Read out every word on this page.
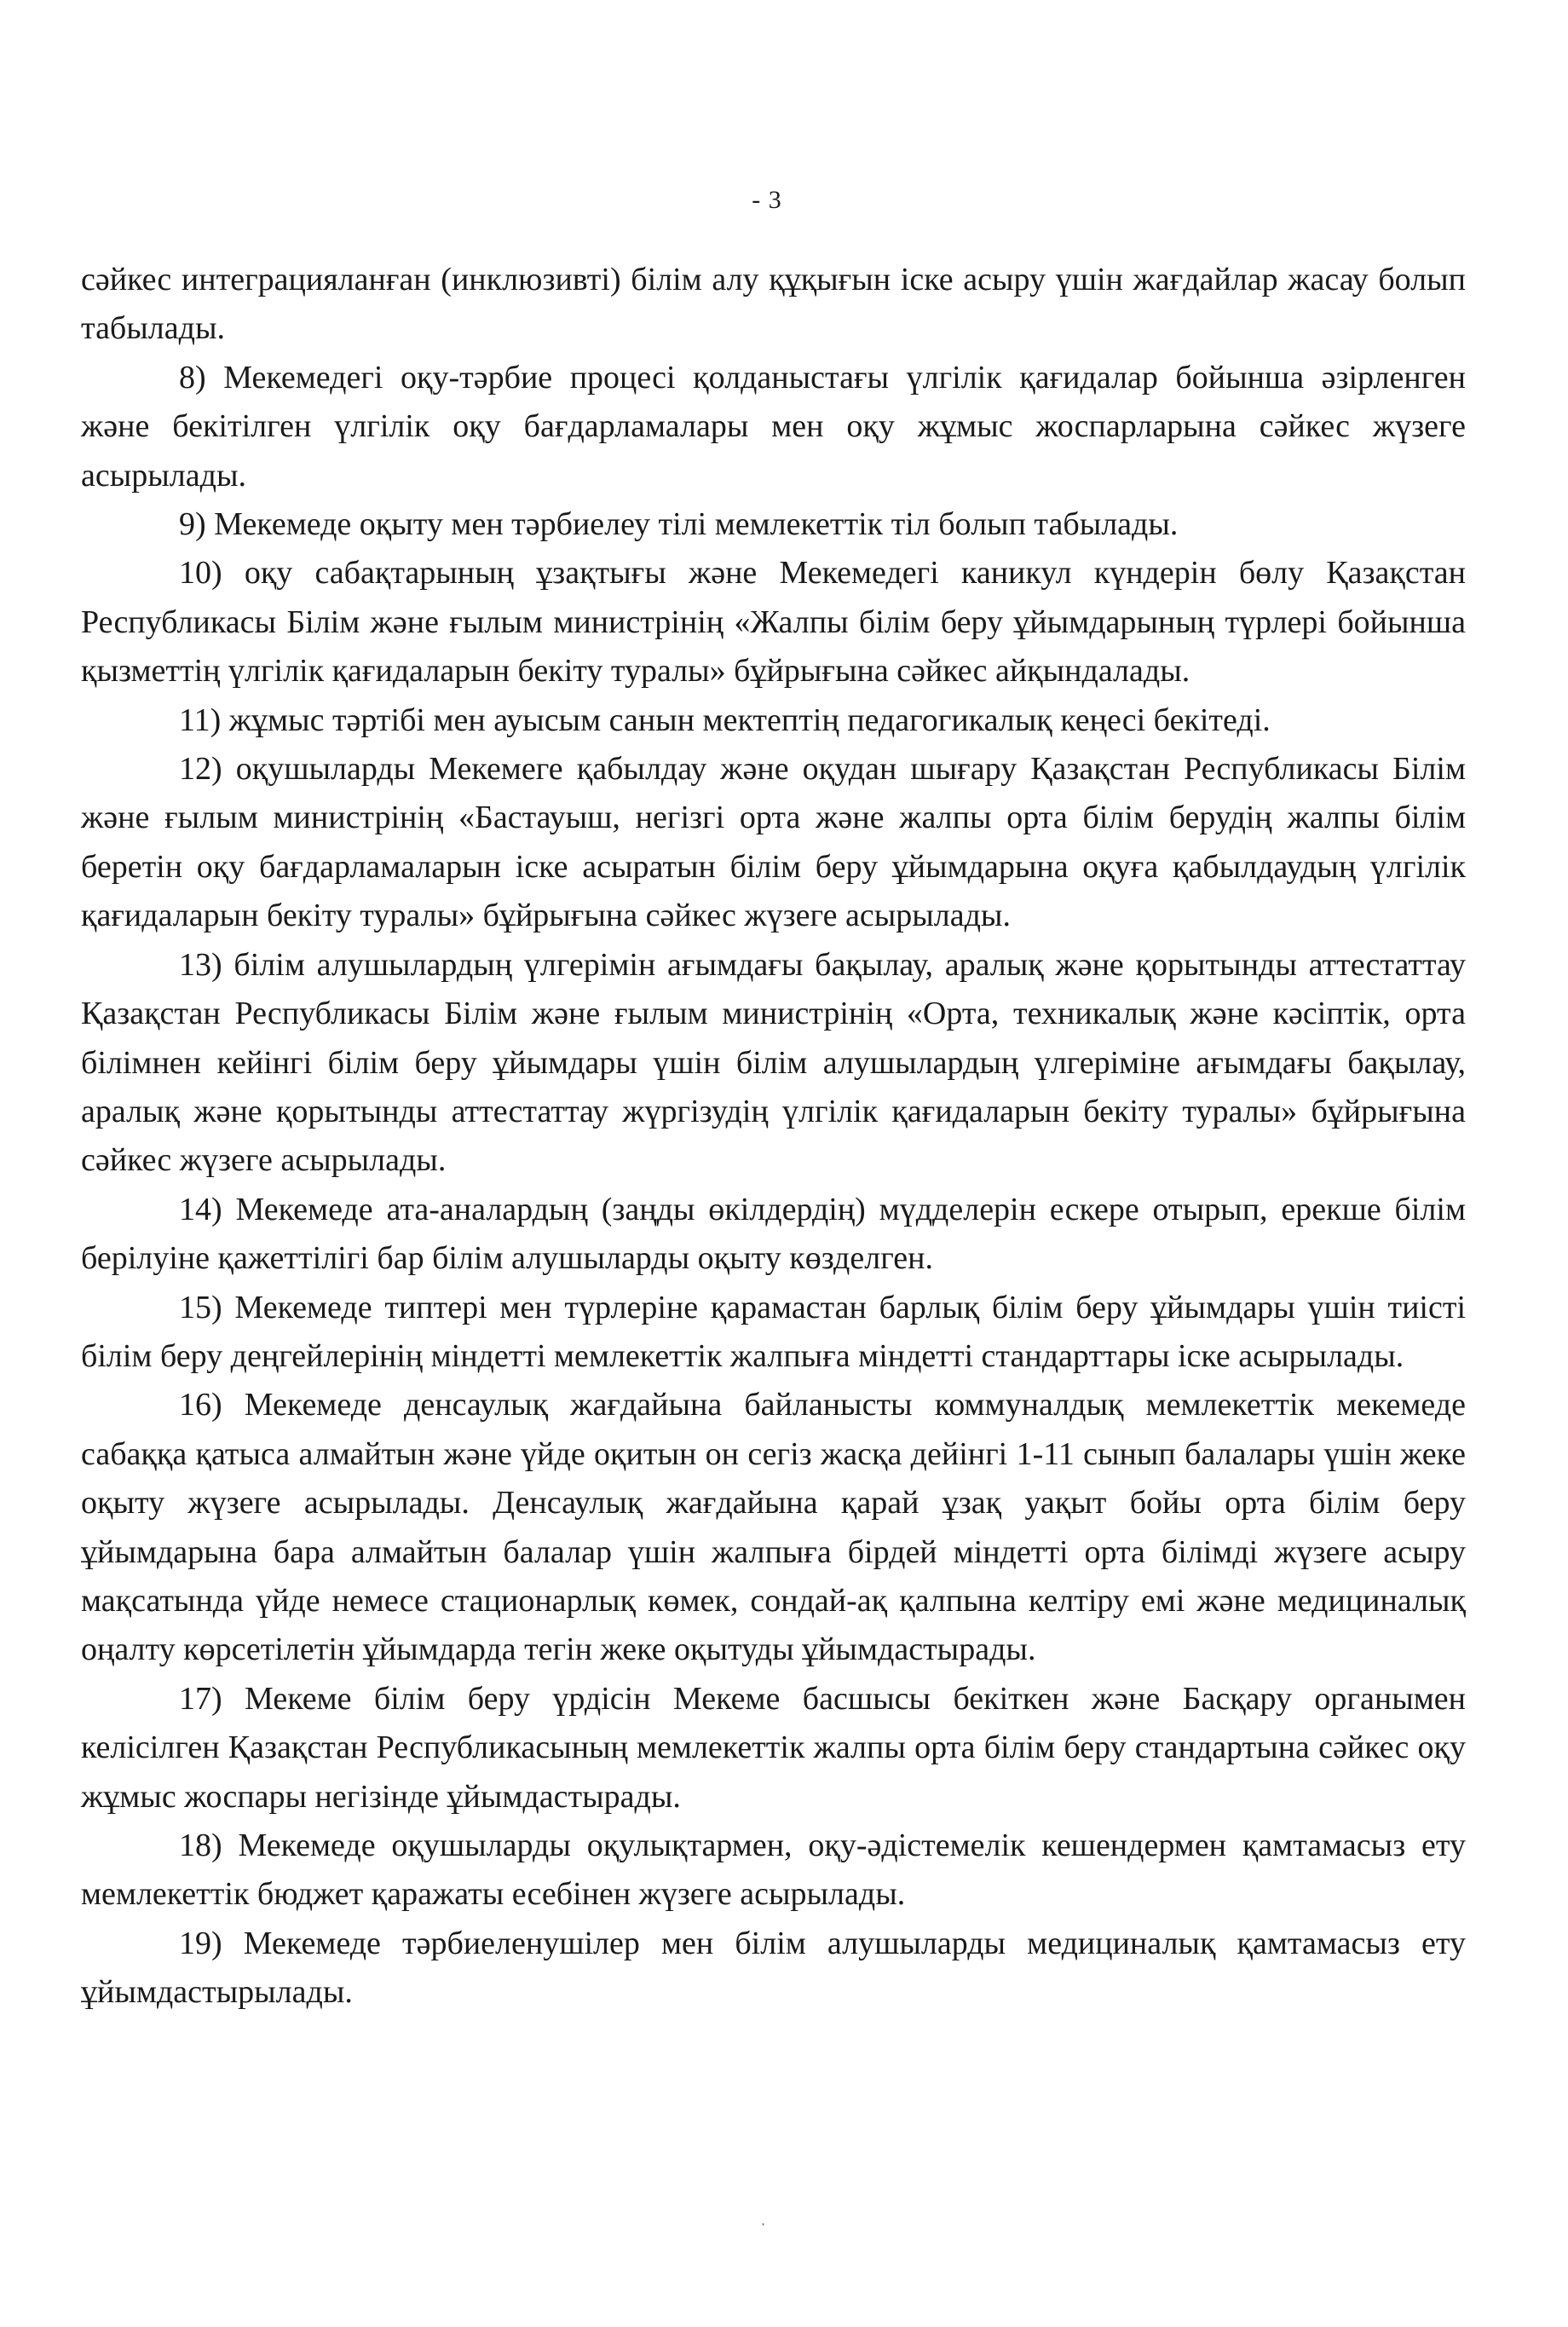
- 3

сәйкес интеграцияланған (инклюзивті) білім алу құқығын іске асыру үшін жағдайлар жасау болып табылады.

8) Мекемедегі оқу-тәрбие процесі қолданыстағы үлгілік қағидалар бойынша әзірленген және бекітілген үлгілік оқу бағдарламалары мен оқу жұмыс жоспарларына сәйкес жүзеге асырылады.

9) Мекемеде оқыту мен тәрбиелеу тілі мемлекеттік тіл болып табылады.

10) оқу сабақтарының ұзақтығы және Мекемедегі каникул күндерін бөлу Қазақстан Республикасы Білім және ғылым министрінің «Жалпы білім беру ұйымдарының түрлері бойынша қызметтің үлгілік қағидаларын бекіту туралы» бұйрығына сәйкес айқындалады.

11) жұмыс тәртібі мен ауысым санын мектептің педагогикалық кеңесі бекітеді.

12) оқушыларды Мекемеге қабылдау және оқудан шығару Қазақстан Республикасы Білім және ғылым министрінің «Бастауыш, негізгі орта және жалпы орта білім берудің жалпы білім беретін оқу бағдарламаларын іске асыратын білім беру ұйымдарына оқуға қабылдаудың үлгілік қағидаларын бекіту туралы» бұйрығына сәйкес жүзеге асырылады.

13) білім алушылардың үлгерімін ағымдағы бақылау, аралық және қорытынды аттестаттау Қазақстан Республикасы Білім және ғылым министрінің «Орта, техникалық және кәсіптік, орта білімнен кейінгі білім беру ұйымдары үшін білім алушылардың үлгеріміне ағымдағы бақылау, аралық және қорытынды аттестаттау жүргізудің үлгілік қағидаларын бекіту туралы» бұйрығына сәйкес жүзеге асырылады.

14) Мекемеде ата-аналардың (заңды өкілдердің) мүдделерін ескере отырып, ерекше білім берілуіне қажеттілігі бар білім алушыларды оқыту көзделген.

15) Мекемеде типтері мен түрлеріне қарамастан барлық білім беру ұйымдары үшін тиісті білім беру деңгейлерінің міндетті мемлекеттік жалпыға міндетті стандарттары іске асырылады.

16) Мекемеде денсаулық жағдайына байланысты коммуналдық мемлекеттік мекемеде сабаққа қатыса алмайтын және үйде оқитын он сегіз жасқа дейінгі 1-11 сынып балалары үшін жеке оқыту жүзеге асырылады. Денсаулық жағдайына қарай ұзақ уақыт бойы орта білім беру ұйымдарына бара алмайтын балалар үшін жалпыға бірдей міндетті орта білімді жүзеге асыру мақсатында үйде немесе стационарлық көмек, сондай-ақ қалпына келтіру емі және медициналық оңалту көрсетілетін ұйымдарда тегін жеке оқытуды ұйымдастырады.

17) Мекеме білім беру үрдісін Мекеме басшысы бекіткен және Басқару органымен келісілген Қазақстан Республикасының мемлекеттік жалпы орта білім беру стандартына сәйкес оқу жұмыс жоспары негізінде ұйымдастырады.

18) Мекемеде оқушыларды оқулықтармен, оқу-әдістемелік кешендермен қамтамасыз ету мемлекеттік бюджет қаражаты есебінен жүзеге асырылады.

19) Мекемеде тәрбиеленушілер мен білім алушыларды медициналық қамтамасыз ету ұйымдастырылады.

·
